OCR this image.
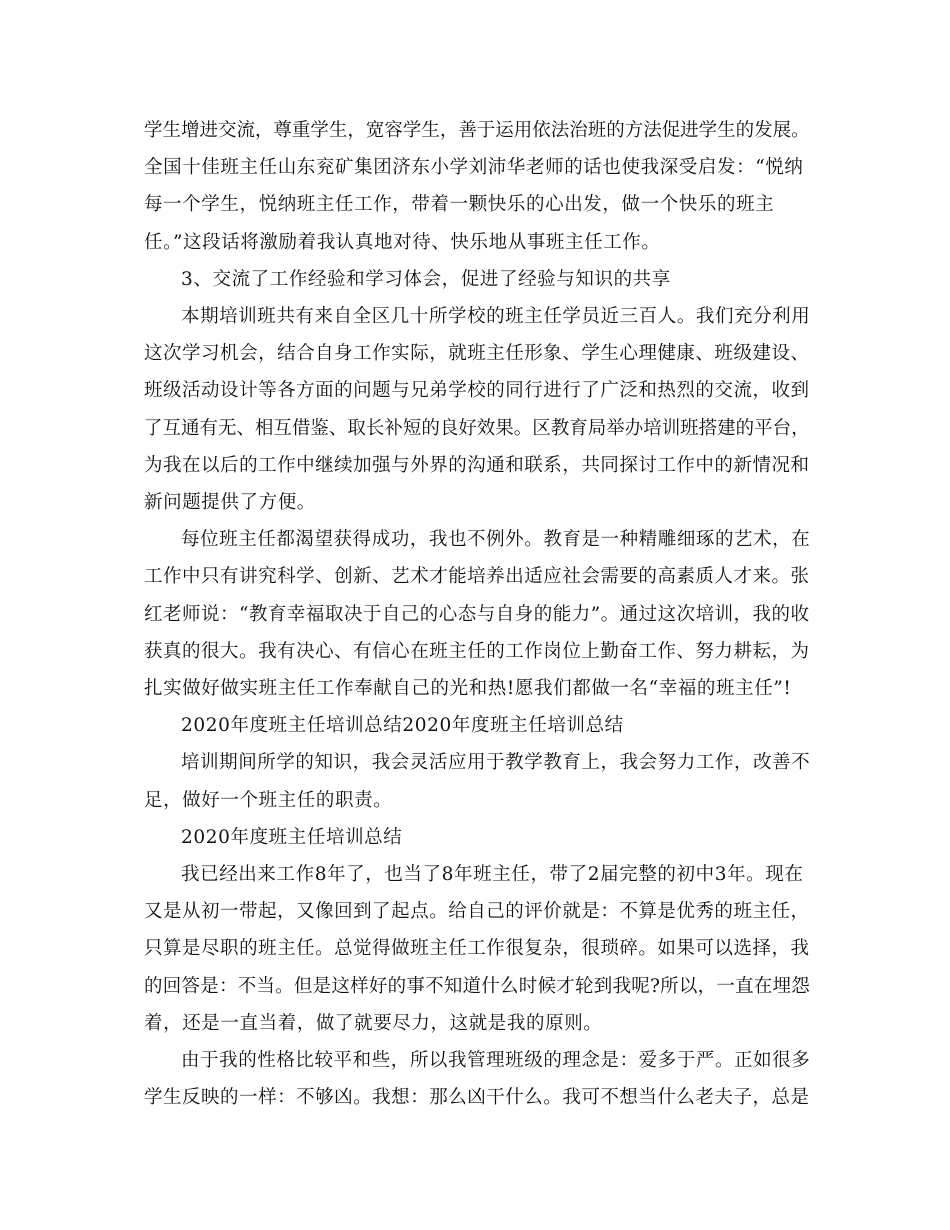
学生增进交流，尊重学生，宽容学生，善于运用依法治班的方法促进学生的发展。
全国十佳班主任山东兖矿集团济东小学刘沛华老师的话也使我深受启发：“悦纳
每一个学生，悦纳班主任工作，带着一颗快乐的心出发，做一个快乐的班主
任。”这段话将激励着我认真地对待、快乐地从事班主任工作。
3、交流了工作经验和学习体会，促进了经验与知识的共享
本期培训班共有来自全区几十所学校的班主任学员近三百人。我们充分利用
这次学习机会，结合自身工作实际，就班主任形象、学生心理健康、班级建设、
班级活动设计等各方面的问题与兄弟学校的同行进行了广泛和热烈的交流，收到
了互通有无、相互借鉴、取长补短的良好效果。区教育局举办培训班搭建的平台，
为我在以后的工作中继续加强与外界的沟通和联系，共同探讨工作中的新情况和
新问题提供了方便。
每位班主任都渴望获得成功，我也不例外。教育是一种精雕细琢的艺术，在
工作中只有讲究科学、创新、艺术才能培养出适应社会需要的高素质人才来。张
红老师说：“教育幸福取决于自己的心态与自身的能力”。通过这次培训，我的收
获真的很大。我有决心、有信心在班主任的工作岗位上勤奋工作、努力耕耘，为
扎实做好做实班主任工作奉献自己的光和热!愿我们都做一名“幸福的班主任”!
2020年度班主任培训总结2020年度班主任培训总结
培训期间所学的知识，我会灵活应用于教学教育上，我会努力工作，改善不
足，做好一个班主任的职责。
2020年度班主任培训总结
我已经出来工作8年了，也当了8年班主任，带了2届完整的初中3年。现在
又是从初一带起，又像回到了起点。给自己的评价就是：不算是优秀的班主任，
只算是尽职的班主任。总觉得做班主任工作很复杂，很琐碎。如果可以选择，我
的回答是：不当。但是这样好的事不知道什么时候才轮到我呢?所以，一直在埋怨
着，还是一直当着，做了就要尽力，这就是我的原则。
由于我的性格比较平和些，所以我管理班级的理念是：爱多于严。正如很多
学生反映的一样：不够凶。我想：那么凶干什么。我可不想当什么老夫子，总是
